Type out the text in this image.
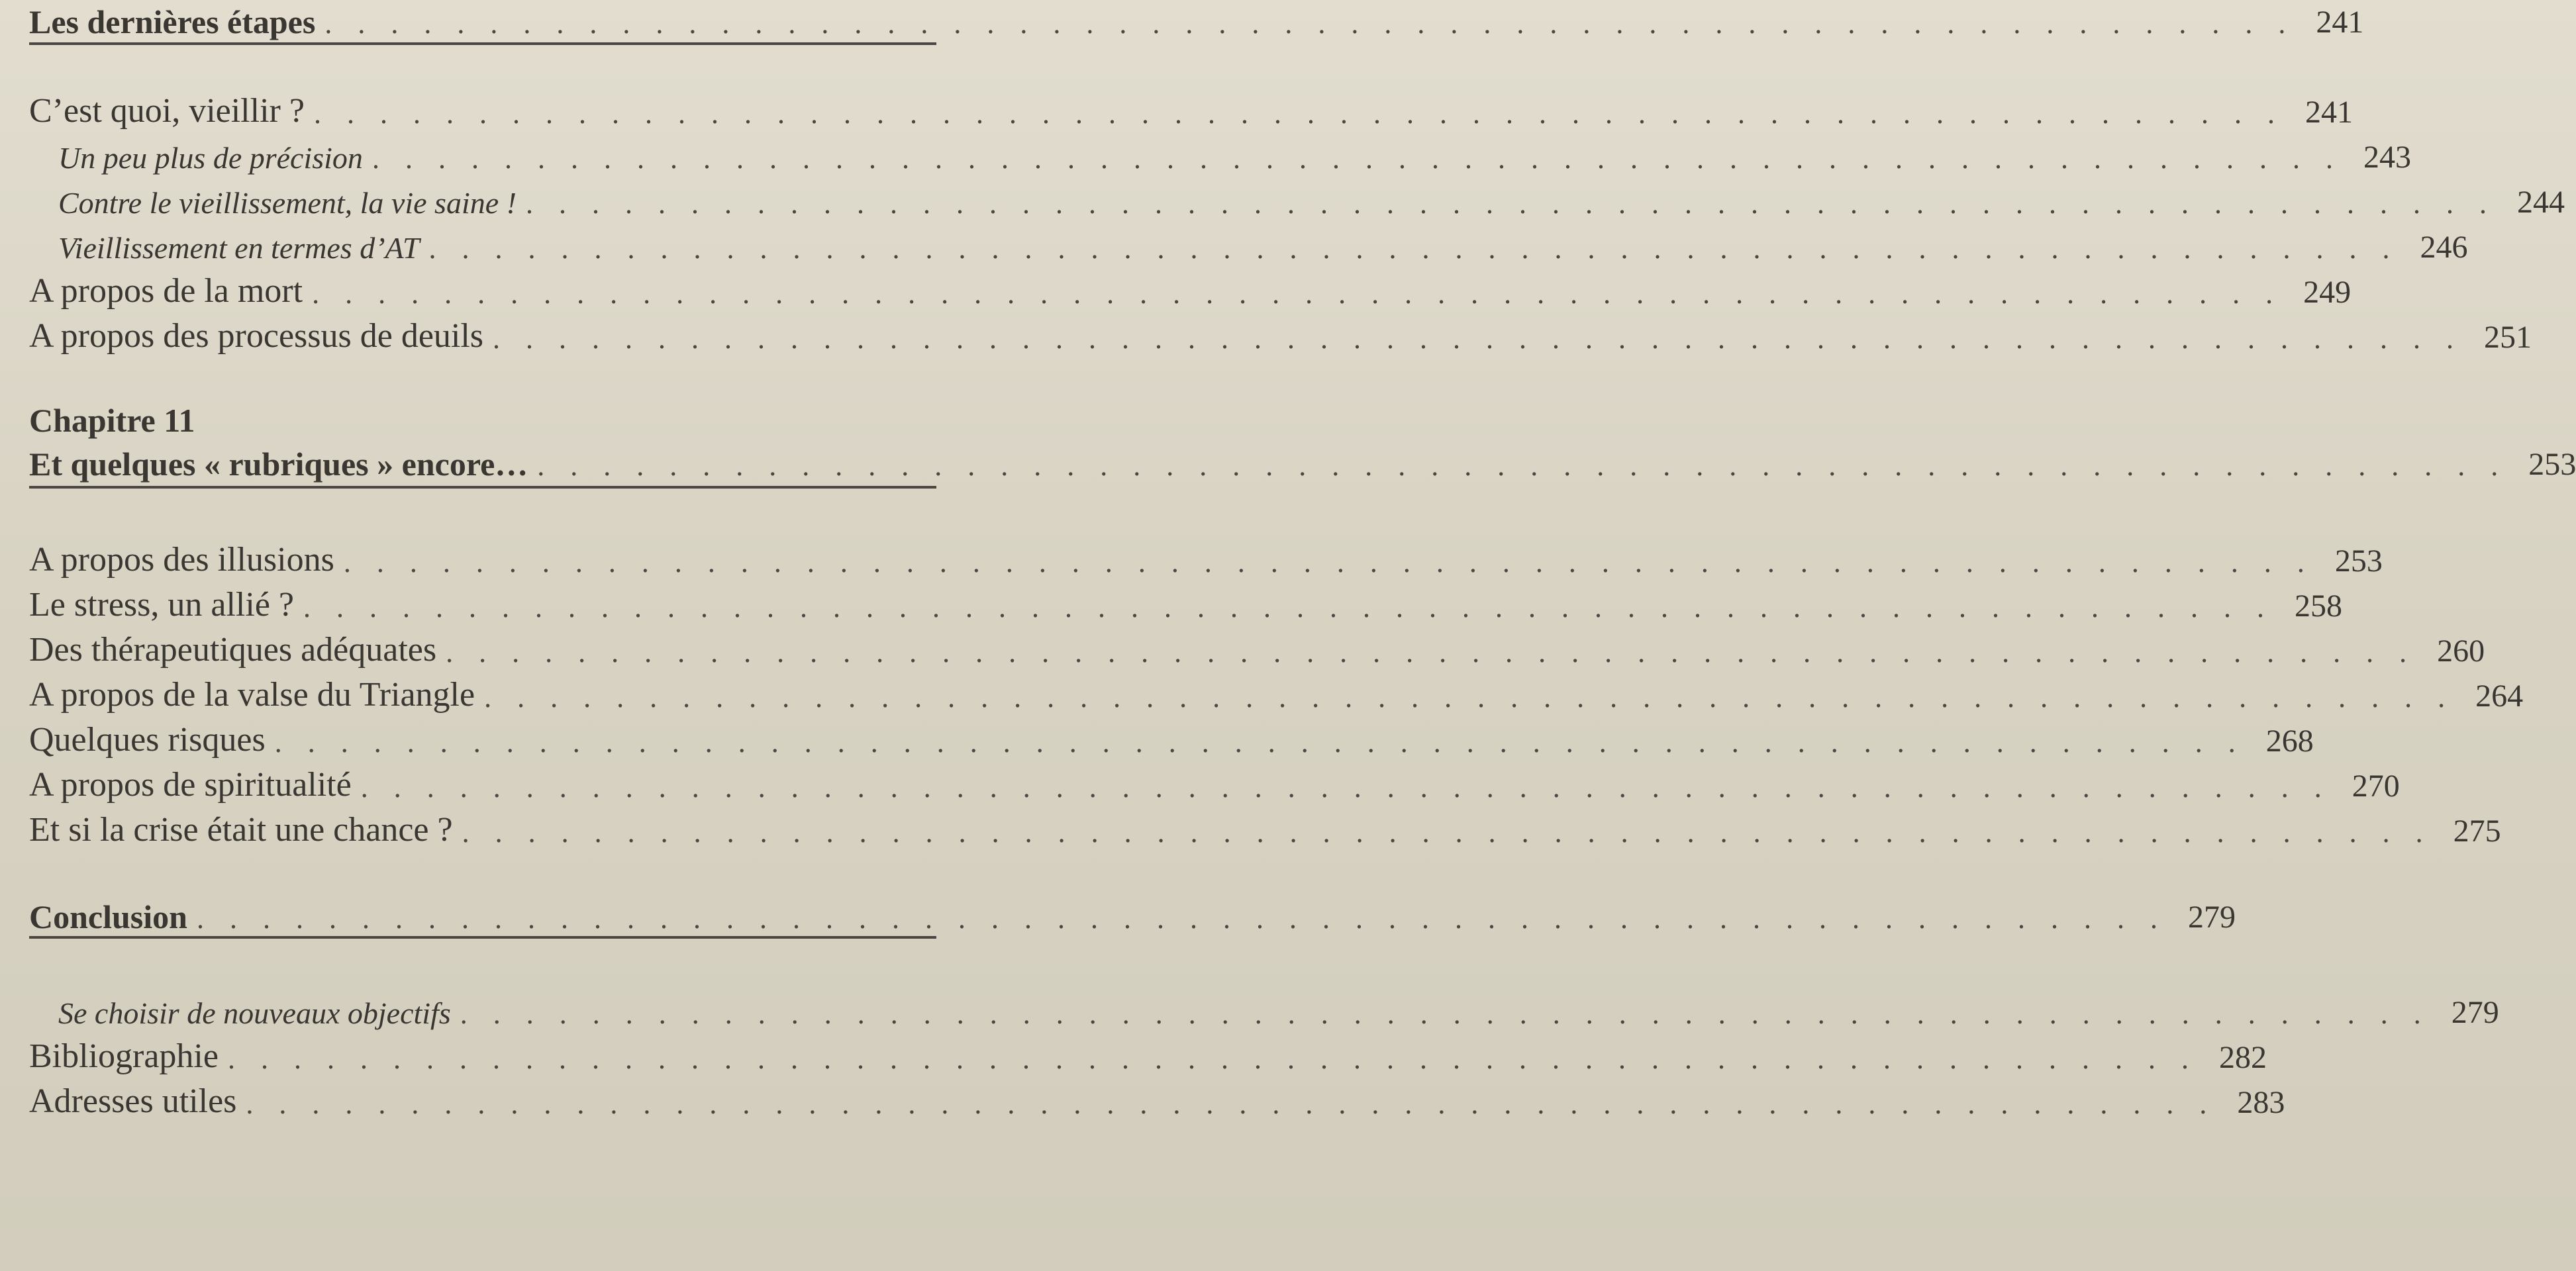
Les dernières étapes . . . . . . . . . . . . . . . . . . . . . . . . . . . . . . . . . . . . . . . . . . . . . . . . . . . . . . . . . . . . 241
C’est quoi, vieillir ? . . . . . . . . . . . . . . . . . . . . . . . . . . . . . . . . . . . . . . . . . . . . . . . . . . . . . . . . . . . . 241
Un peu plus de précision . . . . . . . . . . . . . . . . . . . . . . . . . . . . . . . . . . . . . . . . . . . . . . . . . . . . . . . . . . . . 243
Contre le vieillissement, la vie saine ! . . . . . . . . . . . . . . . . . . . . . . . . . . . . . . . . . . . . . . . . . . . . . . . . . . . . . . . . . . . . 244
Vieillissement en termes d’AT . . . . . . . . . . . . . . . . . . . . . . . . . . . . . . . . . . . . . . . . . . . . . . . . . . . . . . . . . . . . 246
A propos de la mort . . . . . . . . . . . . . . . . . . . . . . . . . . . . . . . . . . . . . . . . . . . . . . . . . . . . . . . . . . . . 249
A propos des processus de deuils . . . . . . . . . . . . . . . . . . . . . . . . . . . . . . . . . . . . . . . . . . . . . . . . . . . . . . . . . . . . 251
Chapitre 11
Et quelques « rubriques » encore… . . . . . . . . . . . . . . . . . . . . . . . . . . . . . . . . . . . . . . . . . . . . . . . . . . . . . . . . . . . . 253
A propos des illusions . . . . . . . . . . . . . . . . . . . . . . . . . . . . . . . . . . . . . . . . . . . . . . . . . . . . . . . . . . . . 253
Le stress, un allié ? . . . . . . . . . . . . . . . . . . . . . . . . . . . . . . . . . . . . . . . . . . . . . . . . . . . . . . . . . . . . 258
Des thérapeutiques adéquates . . . . . . . . . . . . . . . . . . . . . . . . . . . . . . . . . . . . . . . . . . . . . . . . . . . . . . . . . . . . 260
A propos de la valse du Triangle . . . . . . . . . . . . . . . . . . . . . . . . . . . . . . . . . . . . . . . . . . . . . . . . . . . . . . . . . . . . 264
Quelques risques . . . . . . . . . . . . . . . . . . . . . . . . . . . . . . . . . . . . . . . . . . . . . . . . . . . . . . . . . . . . 268
A propos de spiritualité . . . . . . . . . . . . . . . . . . . . . . . . . . . . . . . . . . . . . . . . . . . . . . . . . . . . . . . . . . . . 270
Et si la crise était une chance ? . . . . . . . . . . . . . . . . . . . . . . . . . . . . . . . . . . . . . . . . . . . . . . . . . . . . . . . . . . . . 275
Conclusion . . . . . . . . . . . . . . . . . . . . . . . . . . . . . . . . . . . . . . . . . . . . . . . . . . . . . . . . . . . . 279
Se choisir de nouveaux objectifs . . . . . . . . . . . . . . . . . . . . . . . . . . . . . . . . . . . . . . . . . . . . . . . . . . . . . . . . . . . . 279
Bibliographie . . . . . . . . . . . . . . . . . . . . . . . . . . . . . . . . . . . . . . . . . . . . . . . . . . . . . . . . . . . . 282
Adresses utiles . . . . . . . . . . . . . . . . . . . . . . . . . . . . . . . . . . . . . . . . . . . . . . . . . . . . . . . . . . . . 283
